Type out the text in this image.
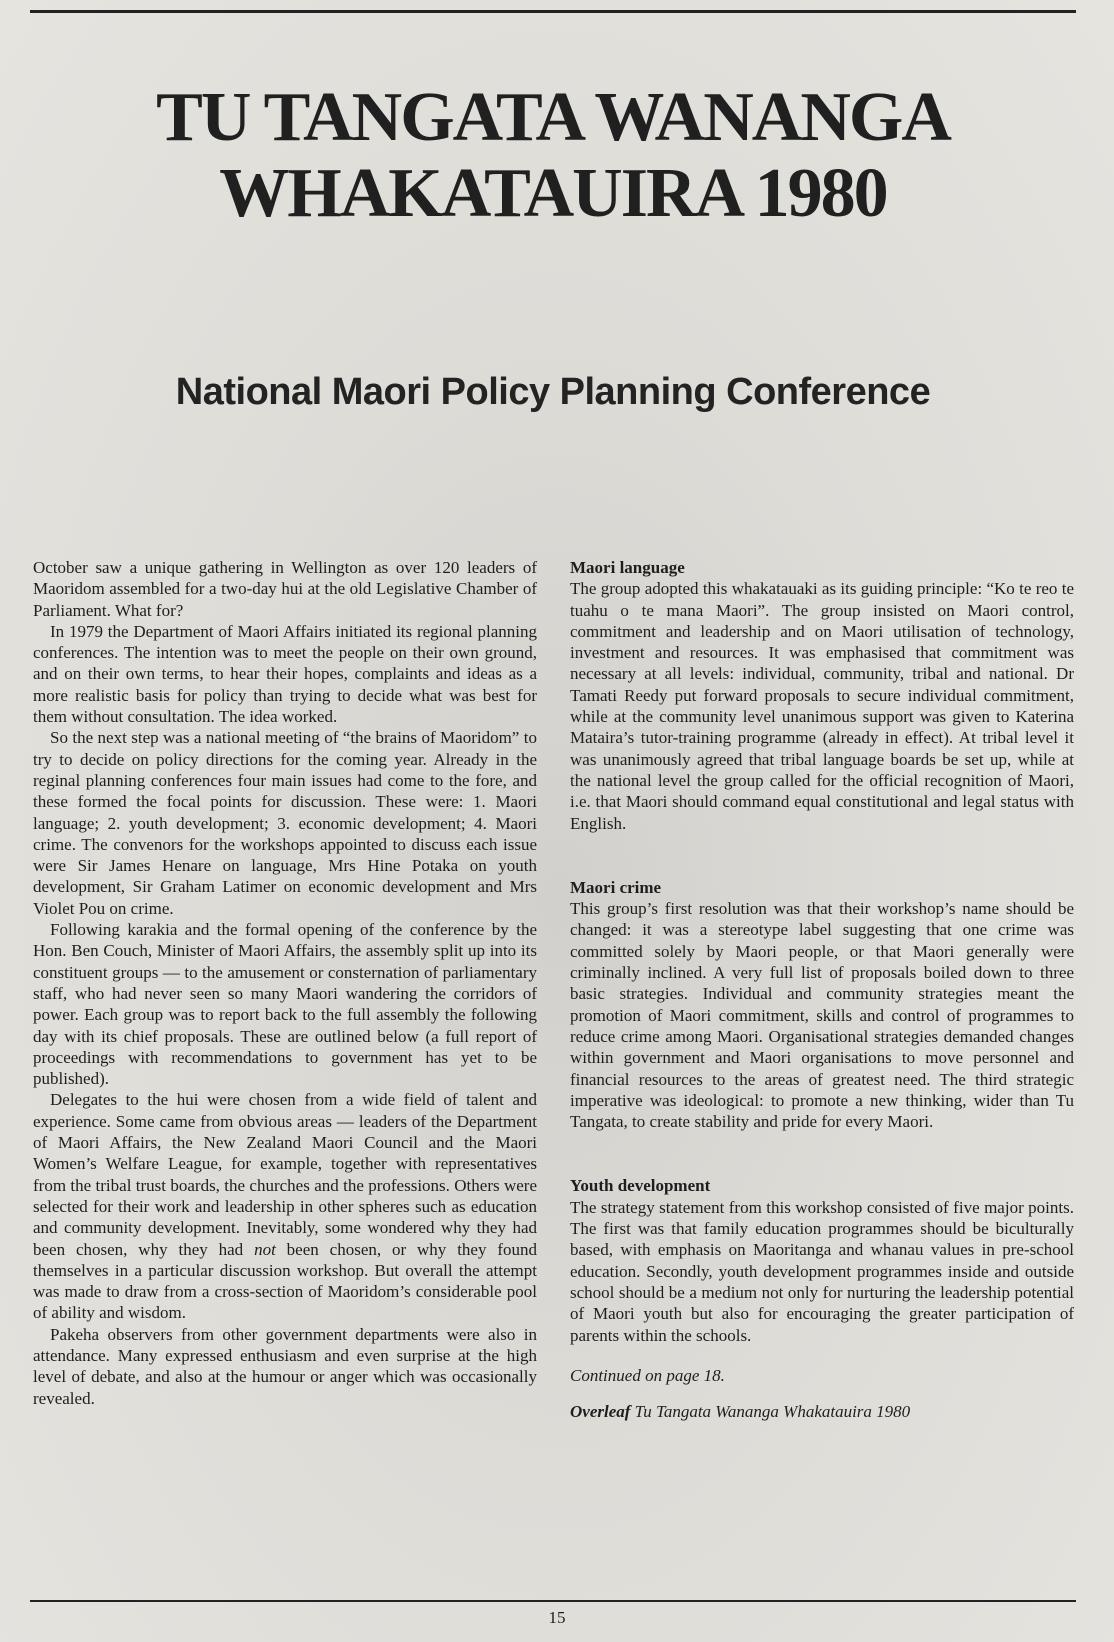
TU TANGATA WANANGA
WHAKATAUIRA 1980
National Maori Policy Planning Conference

October saw a unique gathering in Wellington as over 120 leaders of Maoridom assembled for a two-day hui at the old Legislative Chamber of Parliament. What for?

In 1979 the Department of Maori Affairs initiated its regional planning conferences. The intention was to meet the people on their own ground, and on their own terms, to hear their hopes, complaints and ideas as a more realistic basis for policy than trying to decide what was best for them without consultation. The idea worked.

So the next step was a national meeting of “the brains of Maoridom” to try to decide on policy directions for the coming year. Already in the reginal planning conferences four main issues had come to the fore, and these formed the focal points for discussion. These were: 1. Maori language; 2. youth development; 3. economic development; 4. Maori crime. The convenors for the workshops appointed to discuss each issue were Sir James Henare on language, Mrs Hine Potaka on youth development, Sir Graham Latimer on economic development and Mrs Violet Pou on crime.

Following karakia and the formal opening of the conference by the Hon. Ben Couch, Minister of Maori Affairs, the assembly split up into its constituent groups — to the amusement or consternation of parliamentary staff, who had never seen so many Maori wandering the corridors of power. Each group was to report back to the full assembly the following day with its chief proposals. These are outlined below (a full report of proceedings with recommendations to government has yet to be published).

Delegates to the hui were chosen from a wide field of talent and experience. Some came from obvious areas — leaders of the Department of Maori Affairs, the New Zealand Maori Council and the Maori Women’s Welfare League, for example, together with representatives from the tribal trust boards, the churches and the professions. Others were selected for their work and leadership in other spheres such as education and community development. Inevitably, some wondered why they had been chosen, why they had not been chosen, or why they found themselves in a particular discussion workshop. But overall the attempt was made to draw from a cross-section of Maoridom’s considerable pool of ability and wisdom.

Pakeha observers from other government departments were also in attendance. Many expressed enthusiasm and even surprise at the high level of debate, and also at the humour or anger which was occasionally revealed.

Maori language

The group adopted this whakatauaki as its guiding principle: “Ko te reo te tuahu o te mana Maori”. The group insisted on Maori control, commitment and leadership and on Maori utilisation of technology, investment and resources. It was emphasised that commitment was necessary at all levels: individual, community, tribal and national. Dr Tamati Reedy put forward proposals to secure individual commitment, while at the community level unanimous support was given to Katerina Mataira’s tutor-training programme (already in effect). At tribal level it was unanimously agreed that tribal language boards be set up, while at the national level the group called for the official recognition of Maori, i.e. that Maori should command equal constitutional and legal status with English.

Maori crime

This group’s first resolution was that their workshop’s name should be changed: it was a stereotype label suggesting that one crime was committed solely by Maori people, or that Maori generally were criminally inclined. A very full list of proposals boiled down to three basic strategies. Individual and community strategies meant the promotion of Maori commitment, skills and control of programmes to reduce crime among Maori. Organisational strategies demanded changes within government and Maori organisations to move personnel and financial resources to the areas of greatest need. The third strategic imperative was ideological: to promote a new thinking, wider than Tu Tangata, to create stability and pride for every Maori.

Youth development

The strategy statement from this workshop consisted of five major points. The first was that family education programmes should be biculturally based, with emphasis on Maoritanga and whanau values in pre-school education. Secondly, youth development programmes inside and outside school should be a medium not only for nurturing the leadership potential of Maori youth but also for encouraging the greater participation of parents within the schools.

Continued on page 18.

Overleaf Tu Tangata Wananga Whakatauira 1980

15
